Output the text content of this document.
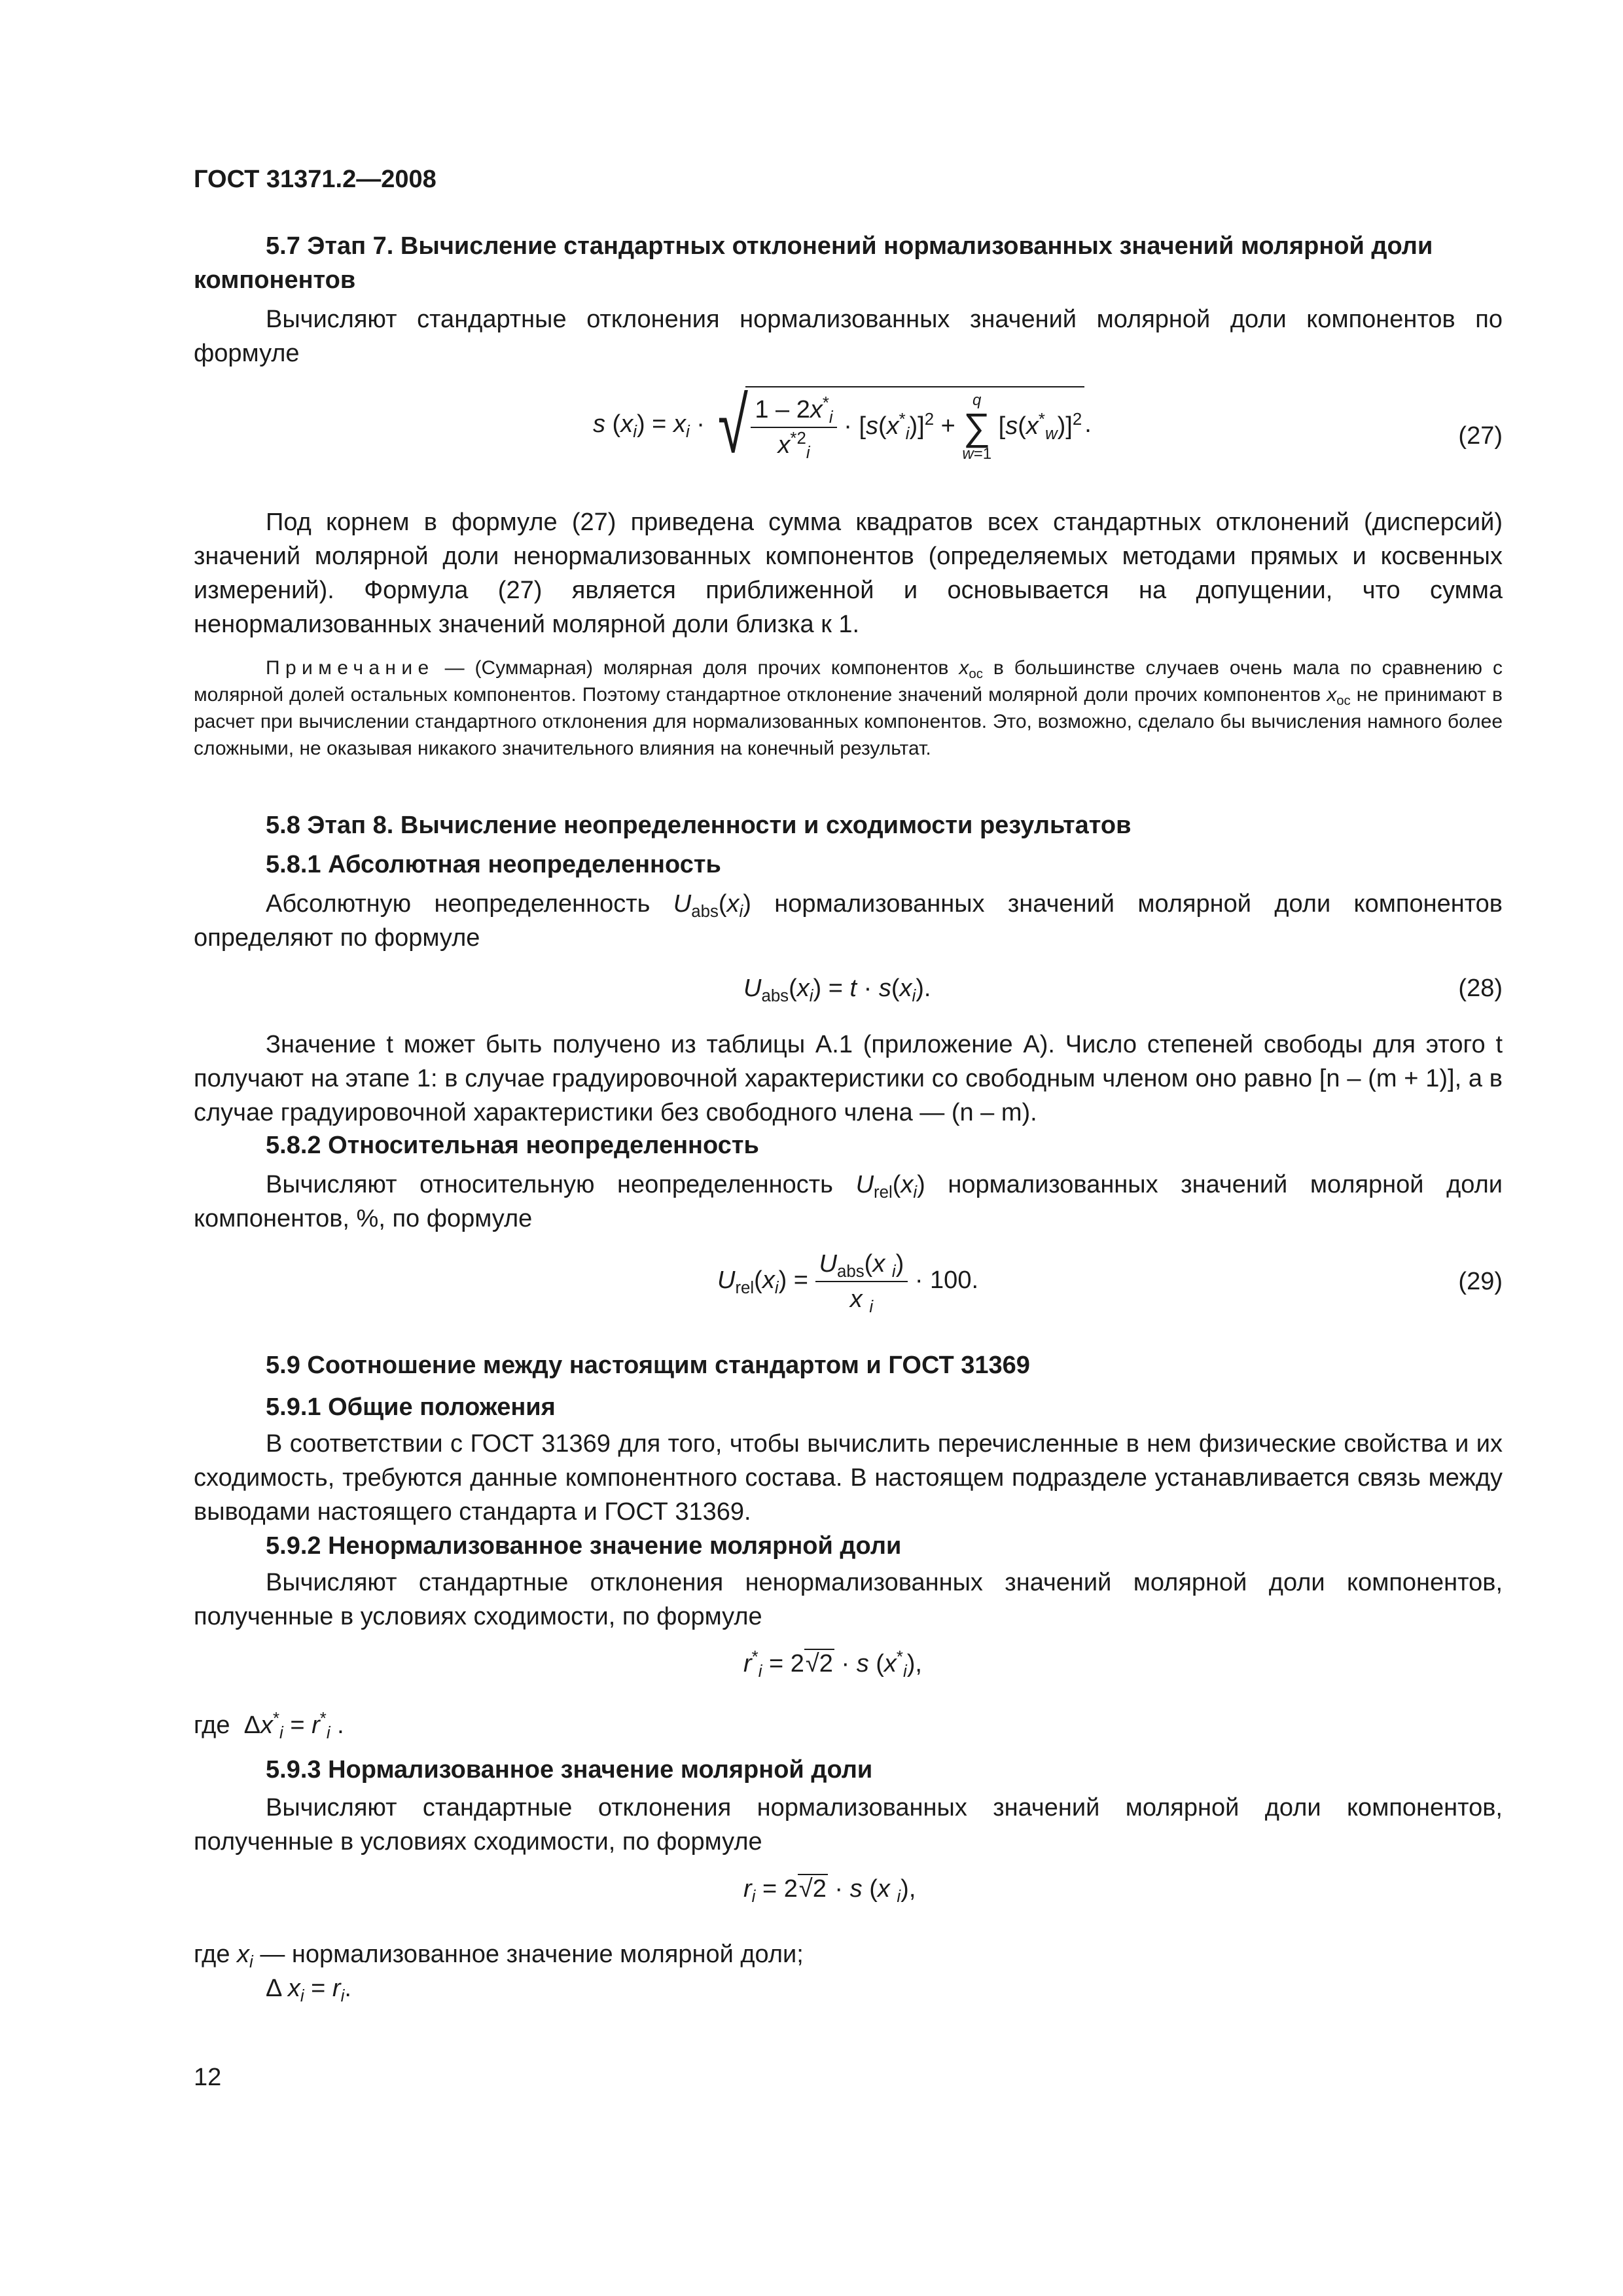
ГОСТ 31371.2—2008

5.7 Этап 7. Вычисление стандартных отклонений нормализованных значений молярной доли компонентов

Вычисляют стандартные отклонения нормализованных значений молярной доли компонентов по формуле

s $(x_i) = x_i$ · √ $\frac{1 - 2x^*_i}{x^{*2}_i} \cdot [s(x^*_i)]^2$ +
q
∑
w=1
$[s(x^*_w)]^2$ .	(27)

Под корнем в формуле (27) приведена сумма квадратов всех стандартных отклонений (дисперсий) значений молярной доли ненормализованных компонентов (определяемых методами прямых и косвенных измерений). Формула (27) является приближенной и основывается на допущении, что сумма ненормализованных значений молярной доли близка к 1.

Примечание — (Суммарная) молярная доля прочих компонентов $x_{ос}$ в большинстве случаев очень мала по сравнению с молярной долей остальных компонентов. Поэтому стандартное отклонение значений молярной доли прочих компонентов $x_{ос}$ не принимают в расчет при вычислении стандартного отклонения для нормализованных компонентов. Это, возможно, сделало бы вычисления намного более сложными, не оказывая никакого значительного влияния на конечный результат.

5.8 Этап 8. Вычисление неопределенности и сходимости результатов

5.8.1 Абсолютная неопределенность

Абсолютную неопределенность $U_{abs}(x_i)$ нормализованных значений молярной доли компонентов определяют по формуле

$U_{abs}(x_i) = t \cdot s(x_i)$.	(28)

Значение t может быть получено из таблицы А.1 (приложение А). Число степеней свободы для этого t получают на этапе 1: в случае градуировочной характеристики со свободным членом оно равно [n – (m + 1)], а в случае градуировочной характеристики без свободного члена — (n – m).

5.8.2 Относительная неопределенность

Вычисляют относительную неопределенность $U_{rel}(x_i)$ нормализованных значений молярной доли компонентов, %, по формуле

$U_{rel}(x_i) = \frac{U_{abs}(x _i)}{x _i} \cdot 100$.	(29)

5.9 Соотношение между настоящим стандартом и ГОСТ 31369

5.9.1 Общие положения

В соответствии с ГОСТ 31369 для того, чтобы вычислить перечисленные в нем физические свойства и их сходимость, требуются данные компонентного состава. В настоящем подразделе устанавливается связь между выводами настоящего стандарта и ГОСТ 31369.

5.9.2 Ненормализованное значение молярной доли

Вычисляют стандартные отклонения ненормализованных значений молярной доли компонентов, полученные в условиях сходимости, по формуле

$r^*_i = 2√2 \cdot s$ $(x^*_i)$,

где  $\Delta x^*_i = r^*_i$ .

5.9.3 Нормализованное значение молярной доли

Вычисляют стандартные отклонения нормализованных значений молярной доли компонентов, полученные в условиях сходимости, по формуле

$r_i = 2√2 \cdot s$ (x $_i$),

где $x_i$ — нормализованное значение молярной доли;

Δ $x_i = r_i$.

12
